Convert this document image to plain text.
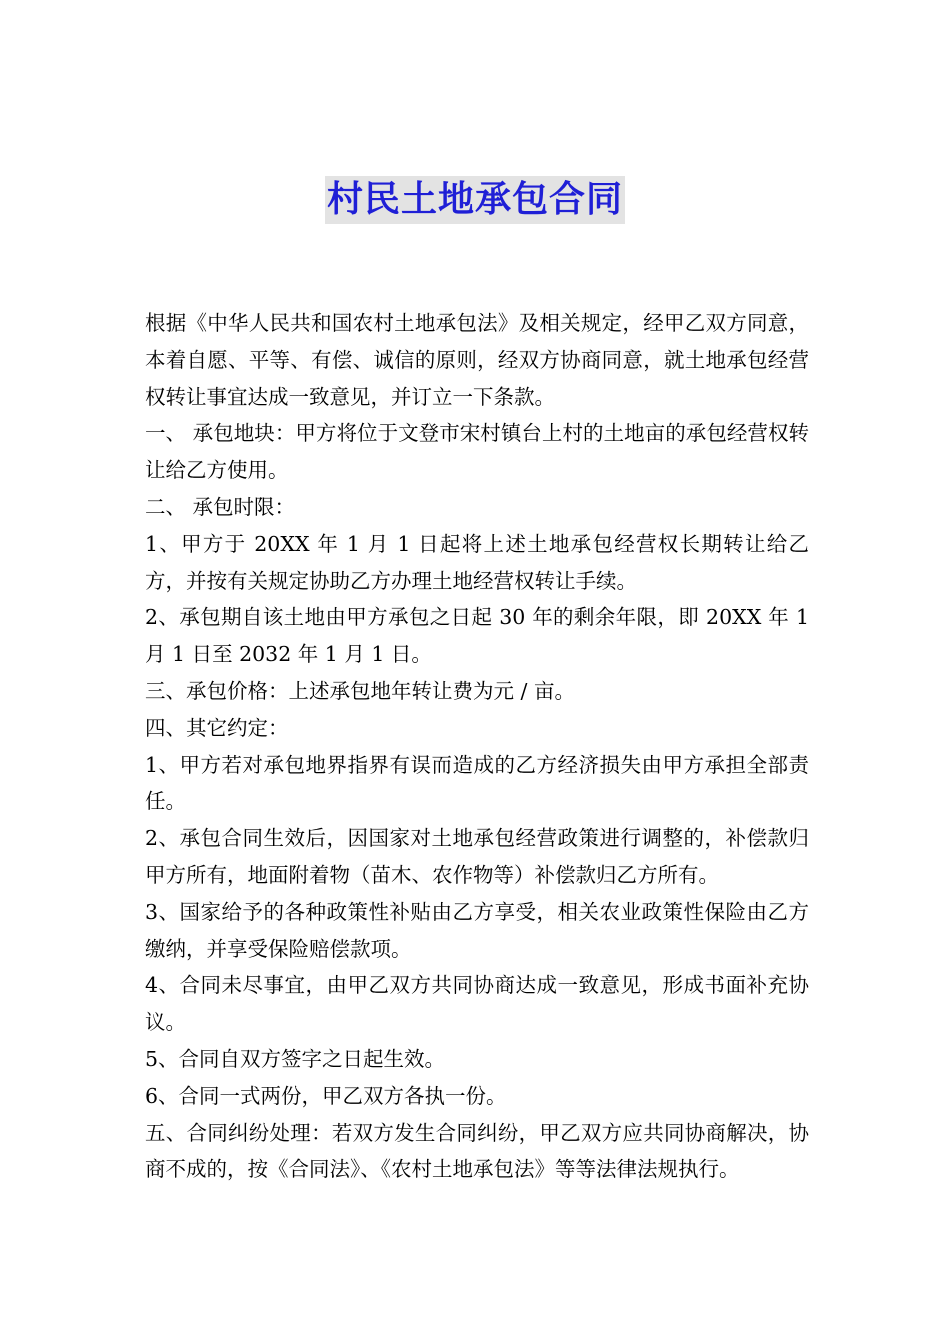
村民土地承包合同

根据《中华人民共和国农村土地承包法》及相关规定，经甲乙双方同意，本着自愿、平等、有偿、诚信的原则，经双方协商同意，就土地承包经营权转让事宜达成一致意见，并订立一下条款。

一、 承包地块：甲方将位于文登市宋村镇台上村的土地亩的承包经营权转让给乙方使用。

二、 承包时限：

1、甲方于 20XX 年 1 月 1 日起将上述土地承包经营权长期转让给乙方，并按有关规定协助乙方办理土地经营权转让手续。

2、承包期自该土地由甲方承包之日起 30 年的剩余年限，即 20XX 年 1 月 1 日至 2032 年 1 月 1 日。

三、承包价格：上述承包地年转让费为元 / 亩。

四、其它约定：

1、甲方若对承包地界指界有误而造成的乙方经济损失由甲方承担全部责任。

2、承包合同生效后，因国家对土地承包经营政策进行调整的，补偿款归甲方所有，地面附着物（苗木、农作物等）补偿款归乙方所有。

3、国家给予的各种政策性补贴由乙方享受，相关农业政策性保险由乙方缴纳，并享受保险赔偿款项。

4、合同未尽事宜，由甲乙双方共同协商达成一致意见，形成书面补充协议。

5、合同自双方签字之日起生效。

6、合同一式两份，甲乙双方各执一份。

五、合同纠纷处理：若双方发生合同纠纷，甲乙双方应共同协商解决，协商不成的，按《合同法》、《农村土地承包法》等等法律法规执行。
